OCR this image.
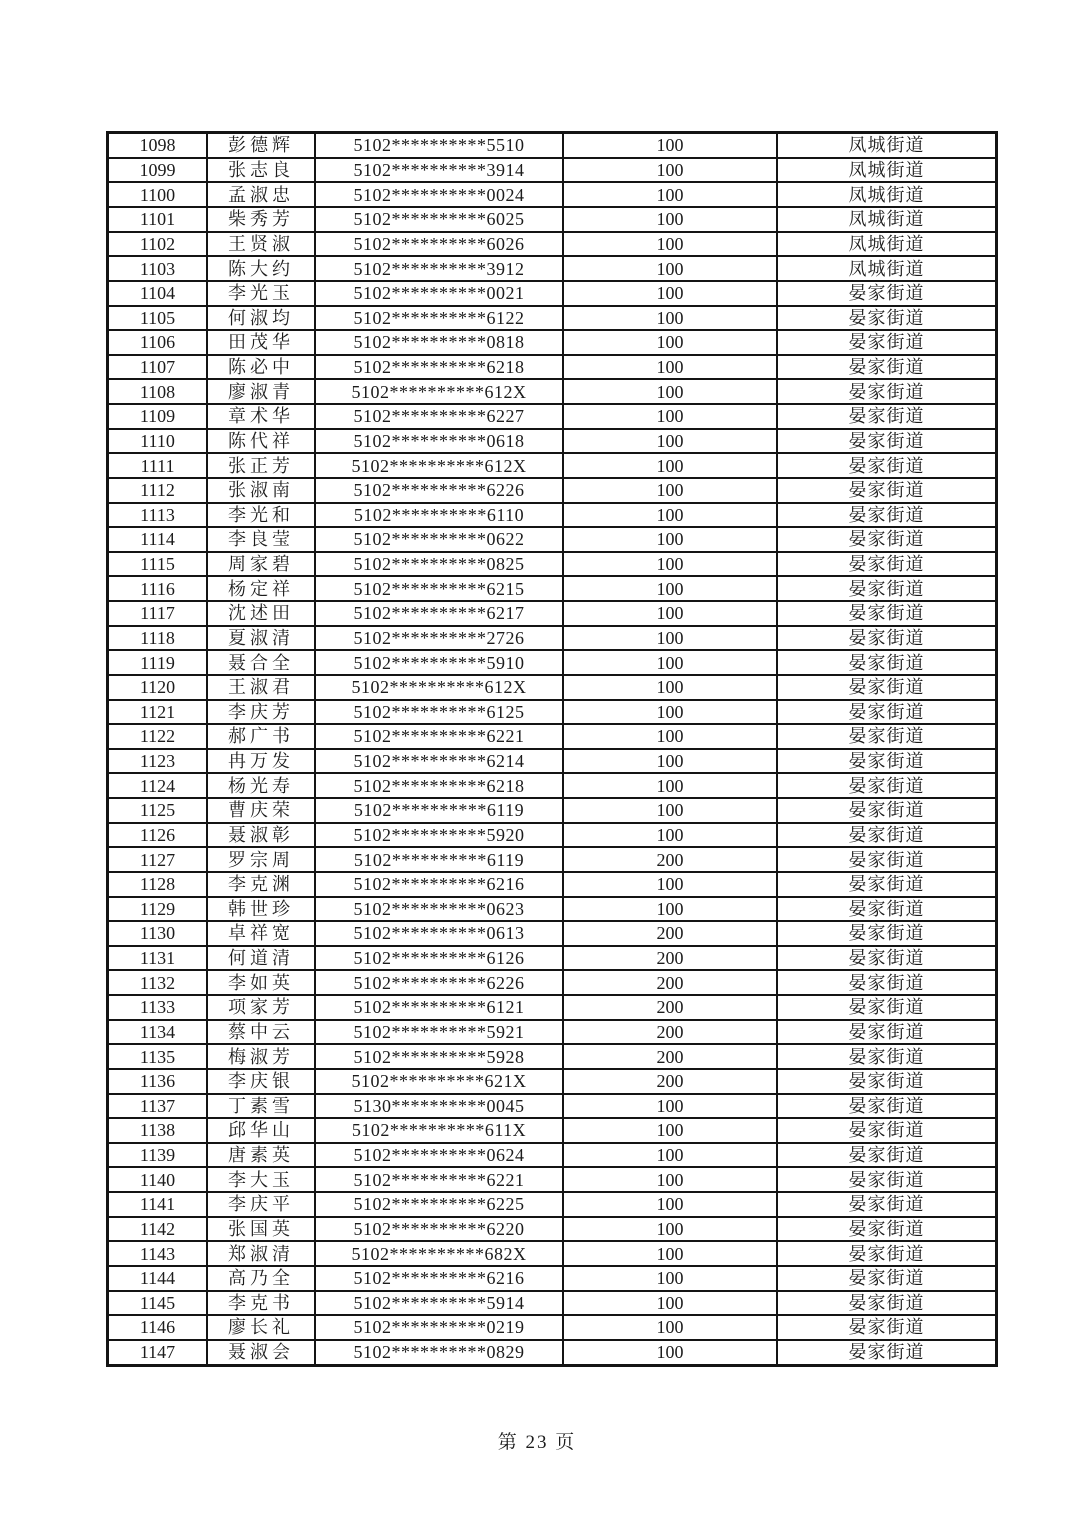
1098	彭德辉	5102**********5510	100	凤城街道
1099	张志良	5102**********3914	100	凤城街道
1100	孟淑忠	5102**********0024	100	凤城街道
1101	柴秀芳	5102**********6025	100	凤城街道
1102	王贤淑	5102**********6026	100	凤城街道
1103	陈大约	5102**********3912	100	凤城街道
1104	李光玉	5102**********0021	100	晏家街道
1105	何淑均	5102**********6122	100	晏家街道
1106	田茂华	5102**********0818	100	晏家街道
1107	陈必中	5102**********6218	100	晏家街道
1108	廖淑青	5102**********612X	100	晏家街道
1109	章术华	5102**********6227	100	晏家街道
1110	陈代祥	5102**********0618	100	晏家街道
1111	张正芳	5102**********612X	100	晏家街道
1112	张淑南	5102**********6226	100	晏家街道
1113	李光和	5102**********6110	100	晏家街道
1114	李良莹	5102**********0622	100	晏家街道
1115	周家碧	5102**********0825	100	晏家街道
1116	杨定祥	5102**********6215	100	晏家街道
1117	沈述田	5102**********6217	100	晏家街道
1118	夏淑清	5102**********2726	100	晏家街道
1119	聂合全	5102**********5910	100	晏家街道
1120	王淑君	5102**********612X	100	晏家街道
1121	李庆芳	5102**********6125	100	晏家街道
1122	郝广书	5102**********6221	100	晏家街道
1123	冉万发	5102**********6214	100	晏家街道
1124	杨光寿	5102**********6218	100	晏家街道
1125	曹庆荣	5102**********6119	100	晏家街道
1126	聂淑彰	5102**********5920	100	晏家街道
1127	罗宗周	5102**********6119	200	晏家街道
1128	李克渊	5102**********6216	100	晏家街道
1129	韩世珍	5102**********0623	100	晏家街道
1130	卓祥宽	5102**********0613	200	晏家街道
1131	何道清	5102**********6126	200	晏家街道
1132	李如英	5102**********6226	200	晏家街道
1133	项家芳	5102**********6121	200	晏家街道
1134	蔡中云	5102**********5921	200	晏家街道
1135	梅淑芳	5102**********5928	200	晏家街道
1136	李庆银	5102**********621X	200	晏家街道
1137	丁素雪	5130**********0045	100	晏家街道
1138	邱华山	5102**********611X	100	晏家街道
1139	唐素英	5102**********0624	100	晏家街道
1140	李大玉	5102**********6221	100	晏家街道
1141	李庆平	5102**********6225	100	晏家街道
1142	张国英	5102**********6220	100	晏家街道
1143	郑淑清	5102**********682X	100	晏家街道
1144	高乃全	5102**********6216	100	晏家街道
1145	李克书	5102**********5914	100	晏家街道
1146	廖长礼	5102**********0219	100	晏家街道
1147	聂淑会	5102**********0829	100	晏家街道
第 23 页
